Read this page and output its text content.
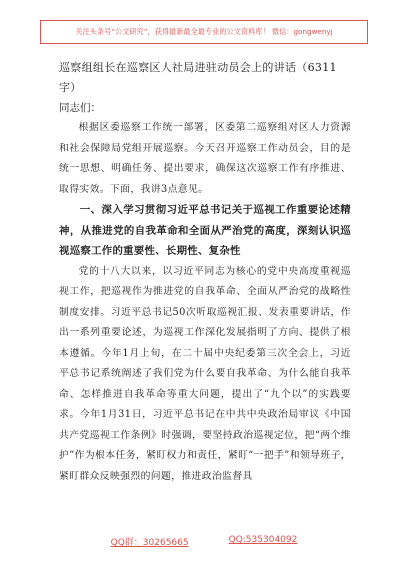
关注头条号“公文研究”，获得最新最全最专业的公文资料库！ 微信：gongwenyj

巡察组组长在巡察区人社局进驻动员会上的讲话（6311字）

同志们：

根据区委巡察工作统一部署，区委第二巡察组对区人力资源和社会保障局党组开展巡察。今天召开巡察工作动员会，目的是统一思想、明确任务、提出要求，确保这次巡察工作有序推进、取得实效。下面，我讲3点意见。

一、深入学习贯彻习近平总书记关于巡视工作重要论述精神，从推进党的自我革命和全面从严治党的高度，深刻认识巡视巡察工作的重要性、长期性、复杂性

党的十八大以来，以习近平同志为核心的党中央高度重视巡视工作，把巡视作为推进党的自我革命、全面从严治党的战略性制度安排。习近平总书记50次听取巡视汇报、发表重要讲话，作出一系列重要论述，为巡视工作深化发展指明了方向、提供了根本遵循。今年1月上旬，在二十届中央纪委第三次全会上，习近平总书记系统阐述了我们党为什么要自我革命、为什么能自我革命、怎样推进自我革命等重大问题，提出了“九个以”的实践要求。今年1月31日，习近平总书记在中共中央政治局审议《中国共产党巡视工作条例》时强调，要坚持政治巡视定位，把“两个维护”作为根本任务，紧盯权力和责任，紧盯“一把手”和领导班子，紧盯群众反映强烈的问题，推进政治监督具

QQ群：30265665	QQ:535304092
